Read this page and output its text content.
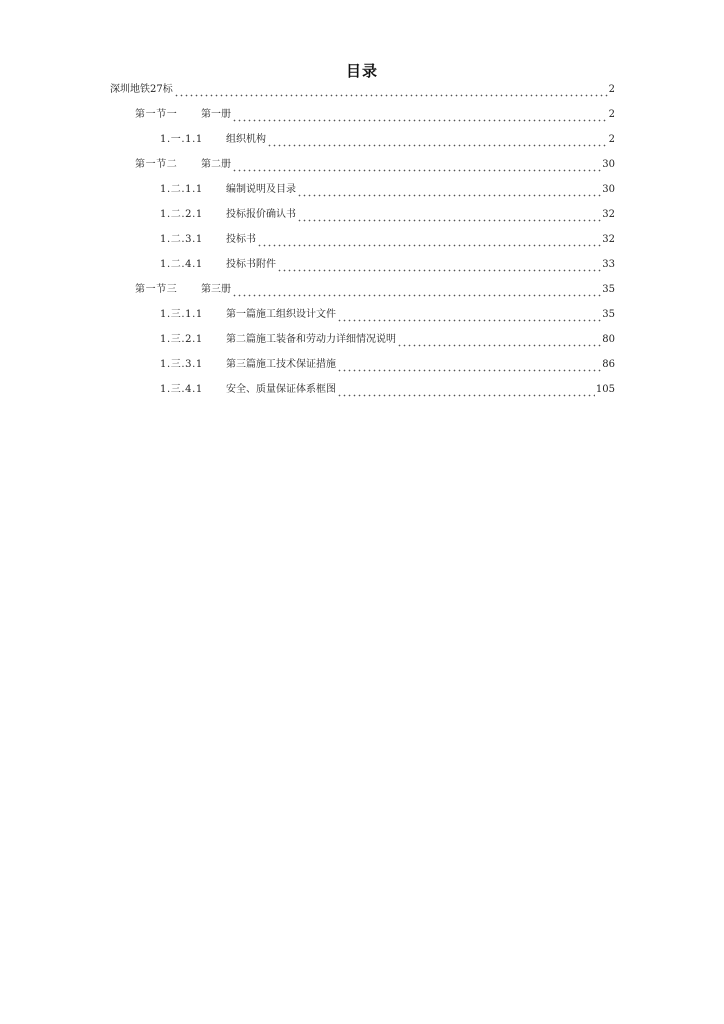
目录
深圳地铁27标	2
第一节一	第一册	2
1.一.1.1	组织机构	2
第一节二	第二册	30
1.二.1.1	编制说明及目录	30
1.二.2.1	投标报价确认书	32
1.二.3.1	投标书	32
1.二.4.1	投标书附件	33
第一节三	第三册	35
1.三.1.1	第一篇施工组织设计文件	35
1.三.2.1	第二篇施工装备和劳动力详细情况说明	80
1.三.3.1	第三篇施工技术保证措施	86
1.三.4.1	安全、质量保证体系框图	105
